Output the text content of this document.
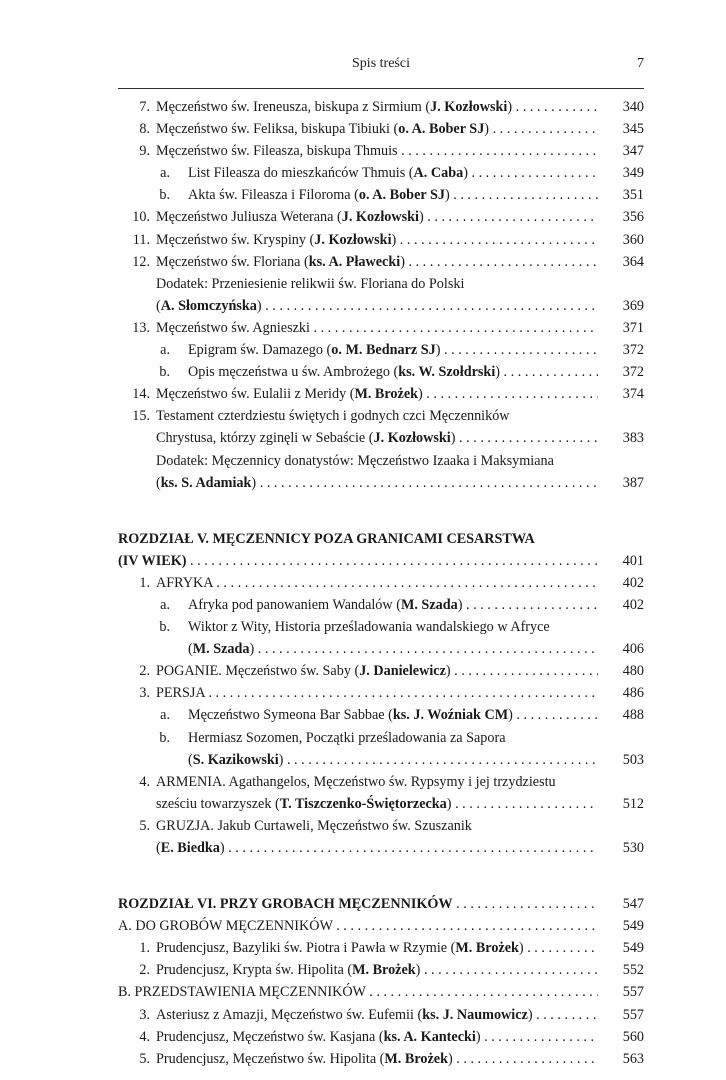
Spis treści	7
7. Męczeństwo św. Ireneusza, biskupa z Sirmium (J. Kozłowski) . . .	340
8. Męczeństwo św. Feliksa, biskupa Tibiuki (o. A. Bober SJ) . . .	345
9. Męczeństwo św. Fileasza, biskupa Thmuis . . .	347
a. List Fileasza do mieszkańców Thmuis (A. Caba) . . .	349
b. Akta św. Fileasza i Filoroma (o. A. Bober SJ) . . .	351
10. Męczeństwo Juliusza Weterana (J. Kozłowski) . . .	356
11. Męczeństwo św. Kryspiny (J. Kozłowski) . . .	360
12. Męczeństwo św. Floriana (ks. A. Pławecki) . . .	364
Dodatek: Przeniesienie relikwii św. Floriana do Polski
(A. Słomczyńska) . . .	369
13. Męczeństwo św. Agnieszki . . .	371
a. Epigram św. Damazego (o. M. Bednarz SJ) . . .	372
b. Opis męczeństwa u św. Ambrożego (ks. W. Szołdrski) . . .	372
14. Męczeństwo św. Eulalii z Meridy (M. Brożek) . . .	374
15. Testament czterdziestu świętych i godnych czci Męczenników
Chrystusa, którzy zginęli w Sebaście (J. Kozłowski) . . .	383
Dodatek: Męczennicy donatystów: Męczeństwo Izaaka i Maksymiana
(ks. S. Adamiak) . . .	387
ROZDZIAŁ V. MĘCZENNICY POZA GRANICAMI CESARSTWA
(IV WIEK) . . .	401
1. AFRYKA . . .	402
a. Afryka pod panowaniem Wandalów (M. Szada) . . .	402
b. Wiktor z Wity, Historia prześladowania wandalskiego w Afryce
(M. Szada) . . .	406
2. POGANIE. Męczeństwo św. Saby (J. Danielewicz) . . .	480
3. PERSJA . . .	486
a. Męczeństwo Symeona Bar Sabbae (ks. J. Woźniak CM) . . .	488
b. Hermiasz Sozomen, Początki prześladowania za Sapora
(S. Kazikowski) . . .	503
4. ARMENIA. Agathangelos, Męczeństwo św. Rypsymy i jej trzydziestu
sześciu towarzyszek (T. Tiszczenko-Świętorzecka) . . .	512
5. GRUZJA. Jakub Curtaweli, Męczeństwo św. Szuszanik
(E. Biedka) . . .	530
ROZDZIAŁ VI. PRZY GROBACH MĘCZENNIKÓW . . .	547
A. DO GROBÓW MĘCZENNIKÓW . . .	549
1. Prudencjusz, Bazyliki św. Piotra i Pawła w Rzymie (M. Brożek) . . .	549
2. Prudencjusz, Krypta św. Hipolita (M. Brożek) . . .	552
B. PRZEDSTAWIENIA MĘCZENNIKÓW . . .	557
3. Asteriusz z Amazji, Męczeństwo św. Eufemii (ks. J. Naumowicz) . . .	557
4. Prudencjusz, Męczeństwo św. Kasjana (ks. A. Kantecki) . . .	560
5. Prudencjusz, Męczeństwo św. Hipolita (M. Brożek) . . .	563
